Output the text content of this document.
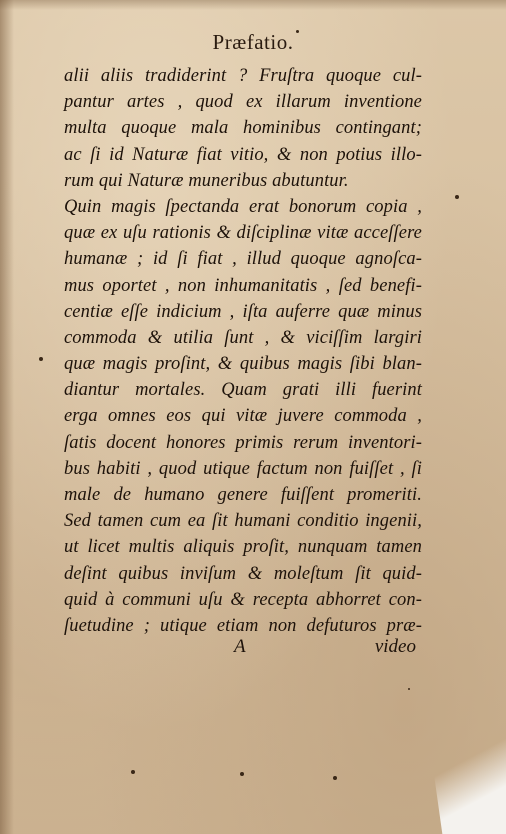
Præfatio.
alii aliis tradiderint ? Fruſtra quoque cul-
pantur artes , quod ex illarum inventione
multa quoque mala hominibus contingant;
ac ſi id Naturæ fiat vitio, & non potius illo-
rum qui Naturæ muneribus abutuntur.
Quin magis ſpectanda erat bonorum copia ,
quæ ex uſu rationis & diſciplinæ vitæ acceſſere
humanæ ; id ſi fiat , illud quoque agnoſca-
mus oportet , non inhumanitatis , ſed benefi-
centiæ eſſe indicium , iſta auferre quæ minus
commoda & utilia ſunt , & viciſſim largiri
quæ magis proſint, & quibus magis ſibi blan-
diantur mortales. Quam grati illi fuerint
erga omnes eos qui vitæ juvere commoda ,
ſatis docent honores primis rerum inventori-
bus habiti , quod utique factum non fuiſſet , ſi
male de humano genere fuiſſent promeriti.
Sed tamen cum ea ſit humani conditio ingenii,
ut licet multis aliquis proſit, nunquam tamen
deſint quibus inviſum & moleſtum ſit quid-
quid à communi uſu & recepta abhorret con-
ſuetudine ; utique etiam non defuturos præ-
A	video
